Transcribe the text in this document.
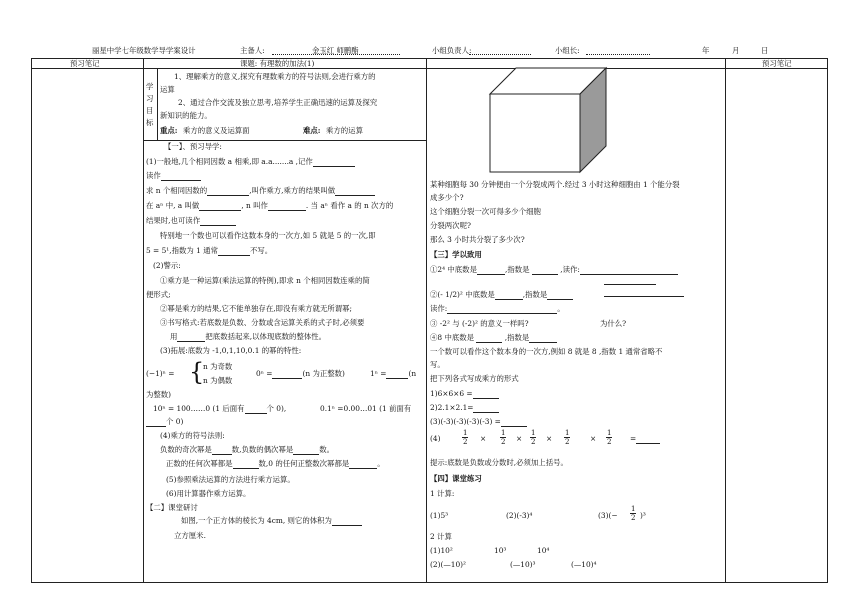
丽星中学七年级数学导学案设计	主备人:	金玉红 师鹏酯	小组负责人:	小组长:	年	月	日
预习笔记	课题: 有理数的加法(1)	预习笔记
学
习
目
标
1、理解乘方的意义,探究有理数乘方的符号法则,会进行乘方的
运算
2、通过合作交流及独立思考,培养学生正确迅速的运算及探究
新知识的能力。
重点: 乘方的意义及运算面	难点: 乘方的运算
【一】、预习导学:
(1)一般地,几个相同因数 a 相乘,即 a.a.......a ,记作
读作
求 n 个相同因数的	,叫作乘方,乘方的结果叫做
在 aⁿ 中, a 叫做	, n 叫作	. 当 aⁿ 看作 a 的 n 次方的
结果时,也可读作
特别地一个数也可以看作这数本身的一次方,如 5 就是 5 的一次,即
5 = 5¹,指数为 1 通常	不写。
(2)警示:
①乘方是一种运算(乘法运算的特例),即求 n 个相同因数连乘的简
便形式;
②幂是乘方的结果,它不能单独存在,即没有乘方就无所谓幂;
③书写格式:若底数是负数、分数或含运算关系的式子时,必须要
用	把底数括起来,以体现底数的整体性。
(3)拓展:底数为 -1,0,1,10,0.1 的幂的特性:
(−1)ⁿ = {
n 为奇数
n 为偶数
0ⁿ =	(n 为正整数)	1ⁿ =	(n
为整数)
10ⁿ = 100……0 (1 后面有	个 0),	0.1ⁿ =0.00…01 (1 前面有
个 0)
(4)乘方的符号法则:
负数的奇次幂是	数,负数的偶次幂是	数。
正数的任何次幂都是	数,0 的任何正整数次幂都是	。
(5)参照乘法运算的方法进行乘方运算。
(6)用计算器作乘方运算。
【二】课堂研讨
如图,一个正方体的棱长为 4cm, 则它的体积为
立方厘米.
某种细胞每 30 分钟便由一个分裂成两个.经过 3 小时这种细胞由 1 个能分裂
成多少个?
这个细胞分裂一次可得多少个细胞
分裂两次呢?
那么 3 小时共分裂了多少次?
【三】学以致用
①2⁴ 中底数是	,指数是	,读作:
②(- 1/2)² 中底数是	,指数是
读作:	。
③ -2² 与 (-2)² 的意义一样吗?	为什么?
④8 中底数是	,指数是
一个数可以看作这个数本身的一次方,例如 8 就是 8 ,指数 1 通常省略不
写。
把下列各式写成乘方的形式
1)6×6×6 =
2)2.1×2.1=
(3)(-3)(-3)(-3)(-3) =
(4)	$\frac{1}{2} \times \frac{1}{2} \times \frac{1}{2} \times \frac{1}{2}$	× $\frac{1}{2}$ =
提示:底数是负数或分数时,必须加上括号。
【四】课堂练习
1 计算:
(1)5³	(2)(-3)⁴	$(3)(- \frac{1}{2} )^3$
2 计算
(1)10²	10³	10⁴
(2)(—10)²	(—10)³	(—10)⁴
